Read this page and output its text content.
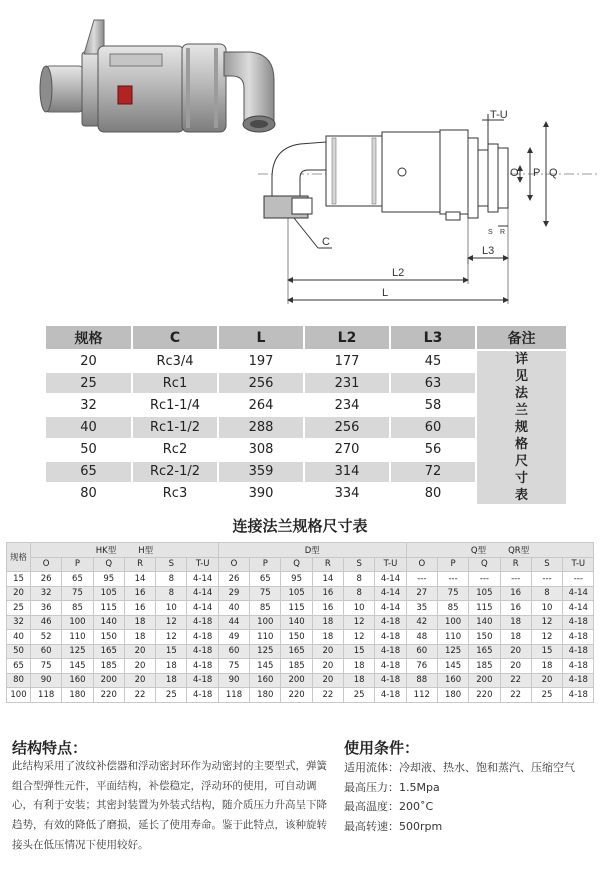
T-U
O P Q
R
S
C
L3
L2
L
规格	C	L	L2	L3	备注
20	Rc3/4	197	177	45	详见法兰规格尺寸表
25	Rc1	256	231	63	
32	Rc1-1/4	264	234	58	
40	Rc1-1/2	288	256	60	
50	Rc2	308	270	56	
65	Rc2-1/2	359	314	72	
80	Rc3	390	334	80	
连接法兰规格尺寸表
规格	HK型 H型						D型						Q型 QR型					

	O	P	Q	R	S	T-U	O	P	Q	R	S	T-U	O	P	Q	R	S	T-U
15	26	65	95	14	8	4-14	26	65	95	14	8	4-14	---	---	---	---	---	---
20	32	75	105	16	8	4-14	29	75	105	16	8	4-14	27	75	105	16	8	4-14
25	36	85	115	16	10	4-14	40	85	115	16	10	4-14	35	85	115	16	10	4-14
32	46	100	140	18	12	4-18	44	100	140	18	12	4-18	42	100	140	18	12	4-18
40	52	110	150	18	12	4-18	49	110	150	18	12	4-18	48	110	150	18	12	4-18
50	60	125	165	20	15	4-18	60	125	165	20	15	4-18	60	125	165	20	15	4-18
65	75	145	185	20	18	4-18	75	145	185	20	18	4-18	76	145	185	20	18	4-18
80	90	160	200	20	18	4-18	90	160	200	20	18	4-18	88	160	200	22	20	4-18
100	118	180	220	22	25	4-18	118	180	220	22	25	4-18	112	180	220	22	25	4-18
结构特点：
此结构采用了波纹补偿器和浮动密封环作为动密封的主要型式，弹簧组合型弹性元件，平面结构，补偿稳定，浮动环的使用，可自动调心，有利于安装；其密封装置为外装式结构，随介质压力升高呈下降趋势，有效的降低了磨损，延长了使用寿命。鉴于此特点，该种旋转接头在低压情况下使用较好。
使用条件：
适用流体：冷却液、热水、饱和蒸汽、压缩空气
最高压力：1.5Mpa
最高温度：200˚C
最高转速：500rpm
